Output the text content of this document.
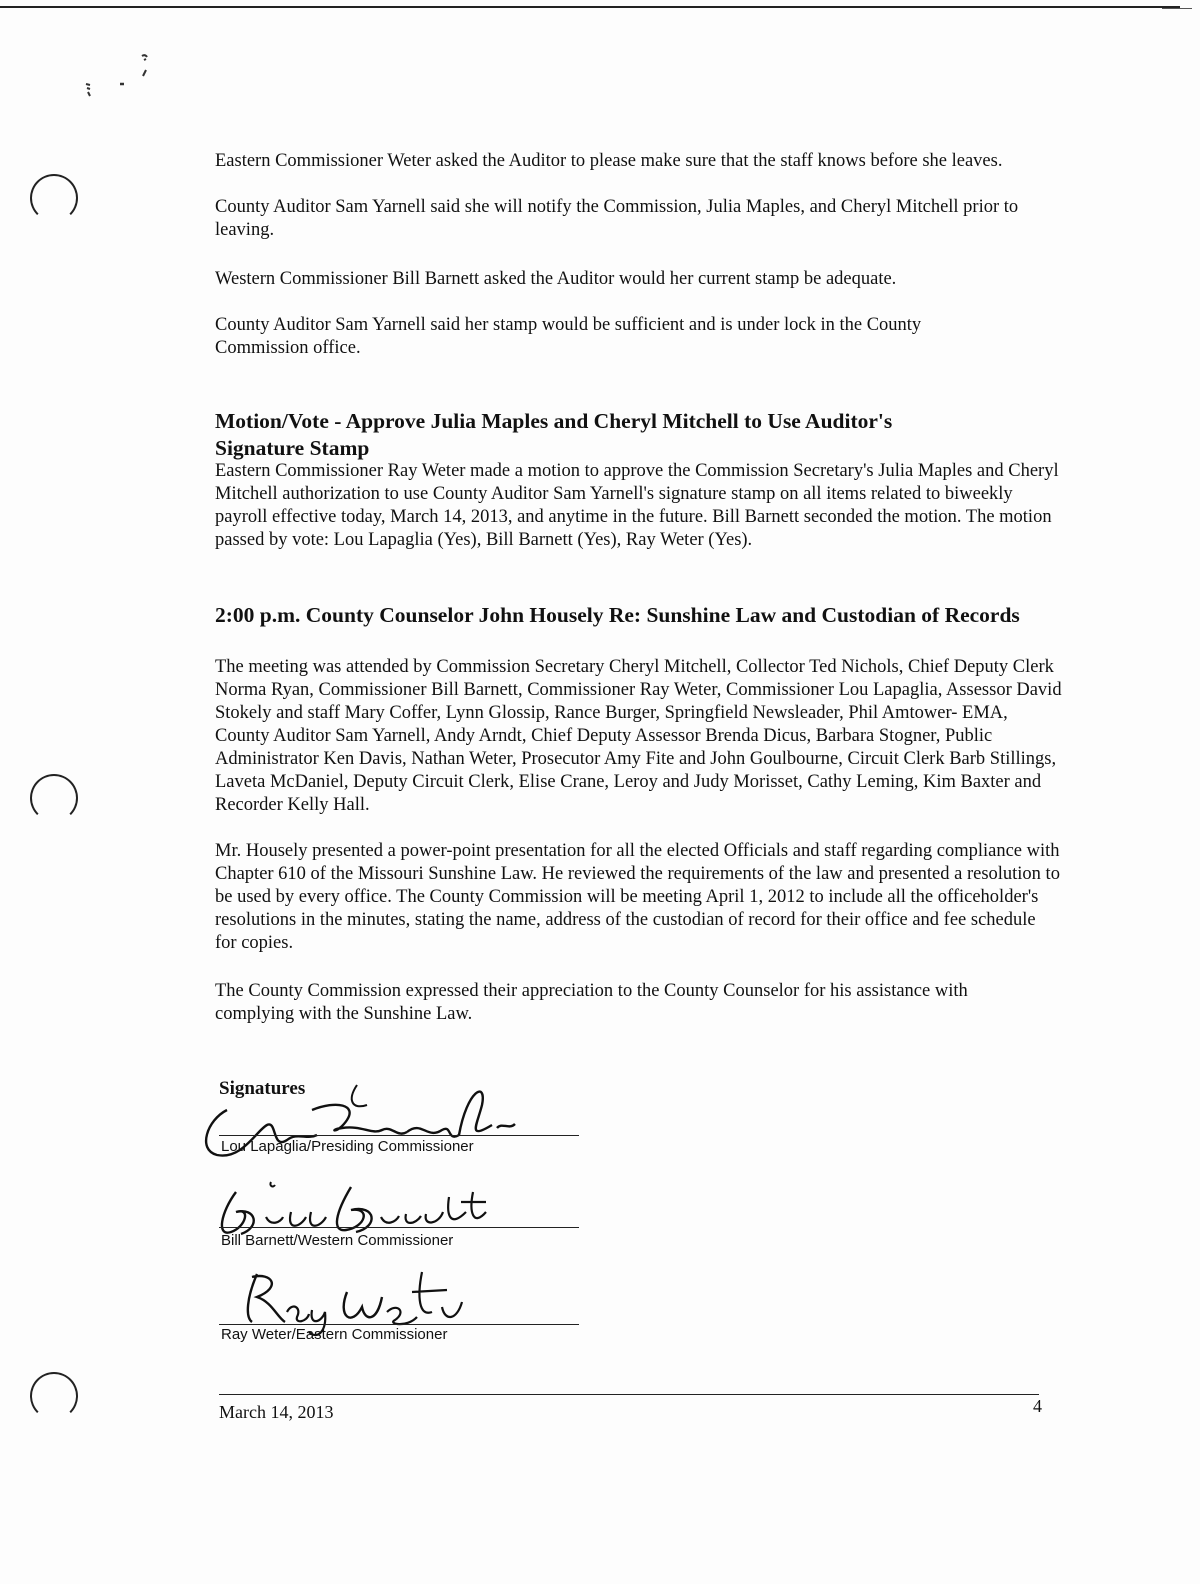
Eastern Commissioner Weter asked the Auditor to please make sure that the staff knows before she leaves.

County Auditor Sam Yarnell said she will notify the Commission, Julia Maples, and Cheryl Mitchell prior to leaving.

Western Commissioner Bill Barnett asked the Auditor would her current stamp be adequate.

County Auditor Sam Yarnell said her stamp would be sufficient and is under lock in the County Commission office.

Motion/Vote - Approve Julia Maples and Cheryl Mitchell to Use Auditor's Signature Stamp

Eastern Commissioner Ray Weter made a motion to approve the Commission Secretary's Julia Maples and Cheryl Mitchell authorization to use County Auditor Sam Yarnell's signature stamp on all items related to biweekly payroll effective today, March 14, 2013, and anytime in the future. Bill Barnett seconded the motion. The motion passed by vote: Lou Lapaglia (Yes), Bill Barnett (Yes), Ray Weter (Yes).

2:00 p.m. County Counselor John Housely Re: Sunshine Law and Custodian of Records

The meeting was attended by Commission Secretary Cheryl Mitchell, Collector Ted Nichols, Chief Deputy Clerk Norma Ryan, Commissioner Bill Barnett, Commissioner Ray Weter, Commissioner Lou Lapaglia, Assessor David Stokely and staff Mary Coffer, Lynn Glossip, Rance Burger, Springfield Newsleader, Phil Amtower- EMA, County Auditor Sam Yarnell, Andy Arndt, Chief Deputy Assessor Brenda Dicus, Barbara Stogner, Public Administrator Ken Davis, Nathan Weter, Prosecutor Amy Fite and John Goulbourne, Circuit Clerk Barb Stillings, Laveta McDaniel, Deputy Circuit Clerk, Elise Crane, Leroy and Judy Morisset, Cathy Leming, Kim Baxter and Recorder Kelly Hall.

Mr. Housely presented a power-point presentation for all the elected Officials and staff regarding compliance with Chapter 610 of the Missouri Sunshine Law. He reviewed the requirements of the law and presented a resolution to be used by every office. The County Commission will be meeting April 1, 2012 to include all the officeholder's resolutions in the minutes, stating the name, address of the custodian of record for their office and fee schedule for copies.

The County Commission expressed their appreciation to the County Counselor for his assistance with complying with the Sunshine Law.

Signatures
Lou Lapaglia/Presiding Commissioner
Bill Barnett/Western Commissioner
Ray Weter/Eastern Commissioner
March 14, 2013	4
